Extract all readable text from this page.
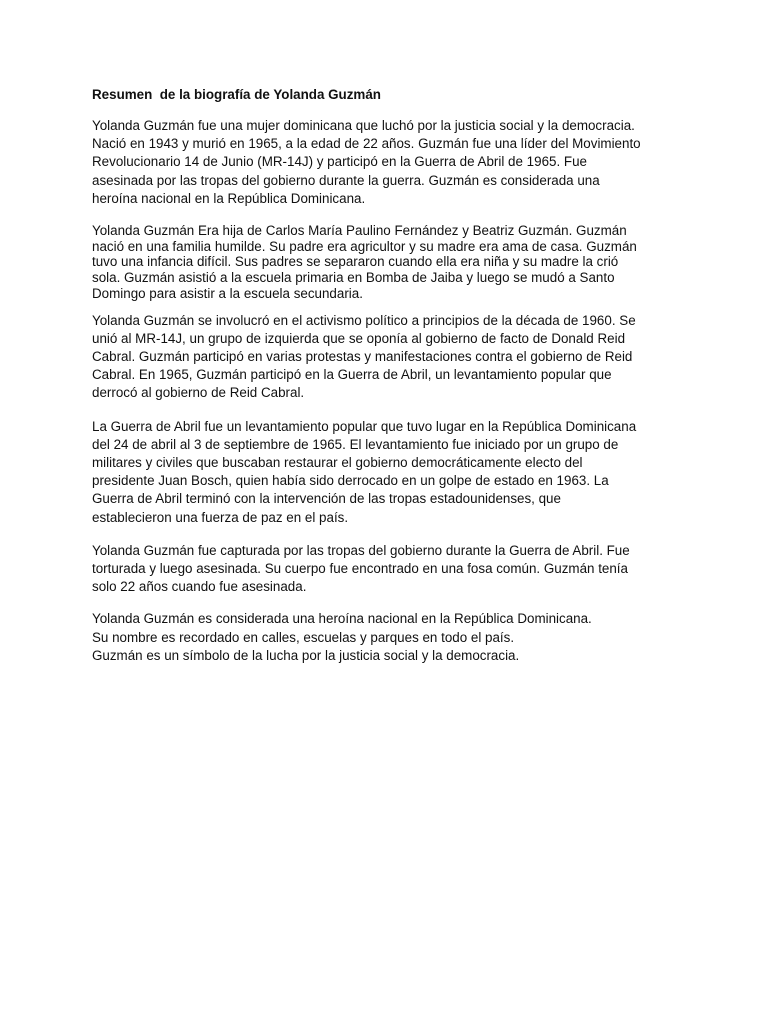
Resumen  de la biografía de Yolanda Guzmán
Yolanda Guzmán fue una mujer dominicana que luchó por la justicia social y la democracia.
Nació en 1943 y murió en 1965, a la edad de 22 años. Guzmán fue una líder del Movimiento
Revolucionario 14 de Junio (MR-14J) y participó en la Guerra de Abril de 1965. Fue
asesinada por las tropas del gobierno durante la guerra. Guzmán es considerada una
heroína nacional en la República Dominicana.
Yolanda Guzmán Era hija de Carlos María Paulino Fernández y Beatriz Guzmán. Guzmán
nació en una familia humilde. Su padre era agricultor y su madre era ama de casa. Guzmán
tuvo una infancia difícil. Sus padres se separaron cuando ella era niña y su madre la crió
sola. Guzmán asistió a la escuela primaria en Bomba de Jaiba y luego se mudó a Santo
Domingo para asistir a la escuela secundaria.
Yolanda Guzmán se involucró en el activismo político a principios de la década de 1960. Se
unió al MR-14J, un grupo de izquierda que se oponía al gobierno de facto de Donald Reid
Cabral. Guzmán participó en varias protestas y manifestaciones contra el gobierno de Reid
Cabral. En 1965, Guzmán participó en la Guerra de Abril, un levantamiento popular que
derrocó al gobierno de Reid Cabral.
La Guerra de Abril fue un levantamiento popular que tuvo lugar en la República Dominicana
del 24 de abril al 3 de septiembre de 1965. El levantamiento fue iniciado por un grupo de
militares y civiles que buscaban restaurar el gobierno democráticamente electo del
presidente Juan Bosch, quien había sido derrocado en un golpe de estado en 1963. La
Guerra de Abril terminó con la intervención de las tropas estadounidenses, que
establecieron una fuerza de paz en el país.
Yolanda Guzmán fue capturada por las tropas del gobierno durante la Guerra de Abril. Fue
torturada y luego asesinada. Su cuerpo fue encontrado en una fosa común. Guzmán tenía
solo 22 años cuando fue asesinada.
Yolanda Guzmán es considerada una heroína nacional en la República Dominicana.
Su nombre es recordado en calles, escuelas y parques en todo el país.
Guzmán es un símbolo de la lucha por la justicia social y la democracia.
